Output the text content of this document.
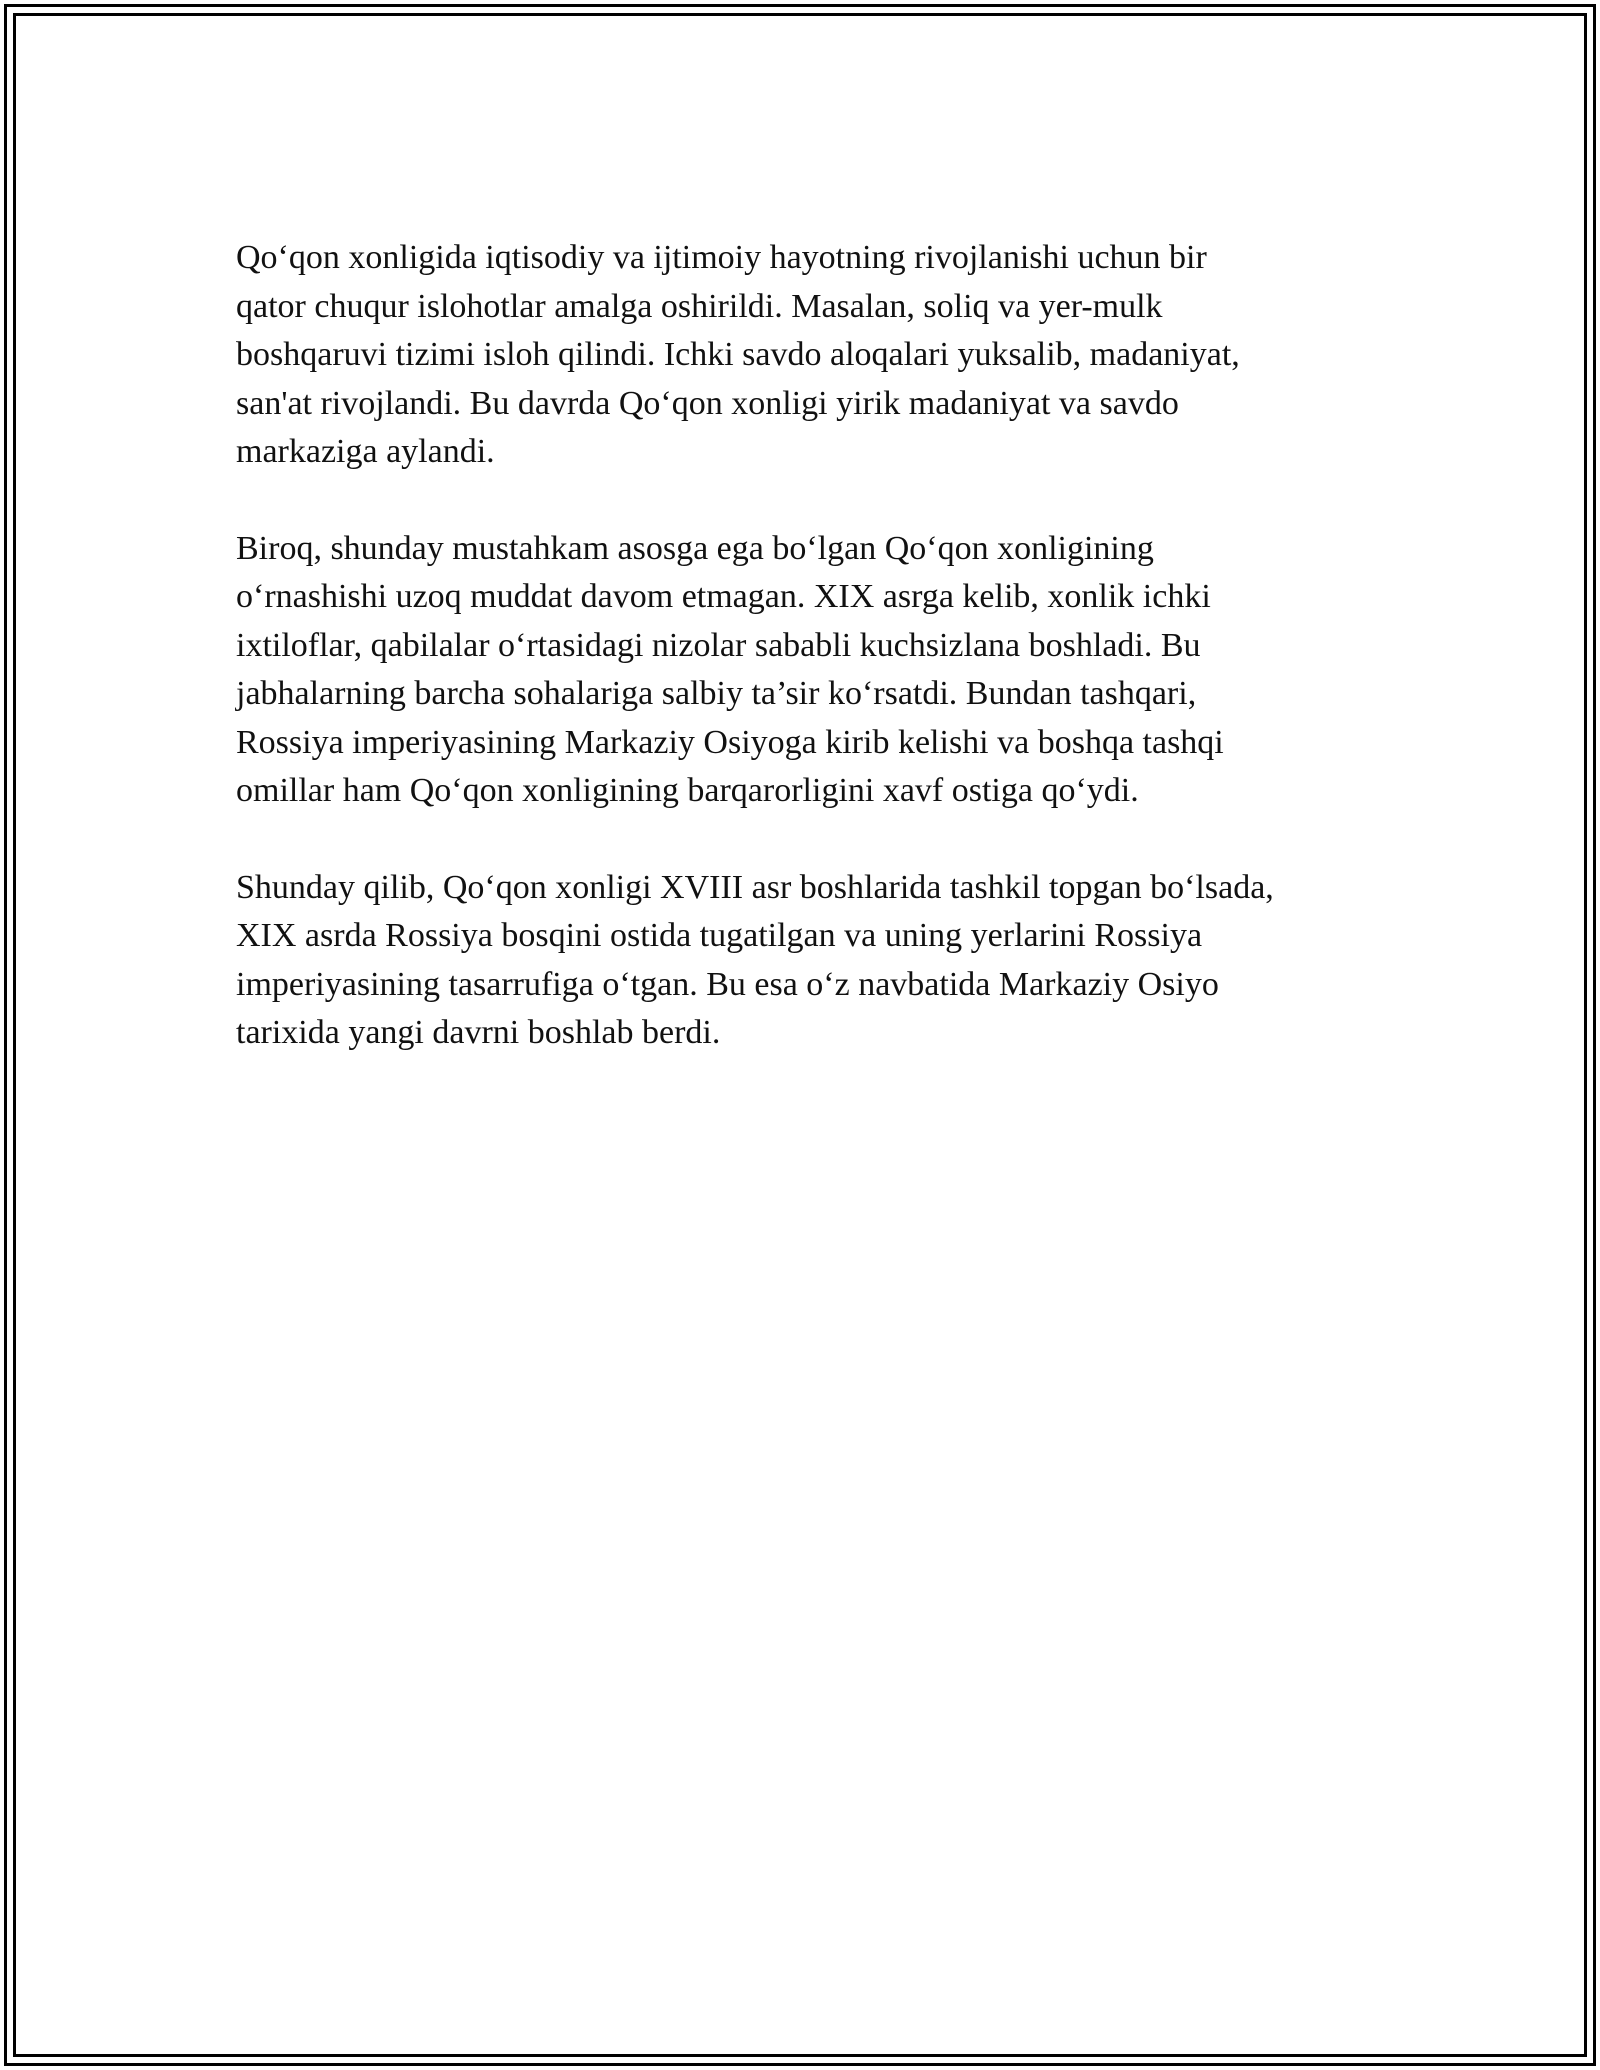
Qo‘qon xonligida iqtisodiy va ijtimoiy hayotning rivojlanishi uchun bir
qator chuqur islohotlar amalga oshirildi. Masalan, soliq va yer-mulk
boshqaruvi tizimi isloh qilindi. Ichki savdo aloqalari yuksalib, madaniyat,
san'at rivojlandi. Bu davrda Qo‘qon xonligi yirik madaniyat va savdo
markaziga aylandi.

Biroq, shunday mustahkam asosga ega bo‘lgan Qo‘qon xonligining
o‘rnashishi uzoq muddat davom etmagan. XIX asrga kelib, xonlik ichki
ixtiloflar, qabilalar o‘rtasidagi nizolar sababli kuchsizlana boshladi. Bu
jabhalarning barcha sohalariga salbiy ta’sir ko‘rsatdi. Bundan tashqari,
Rossiya imperiyasining Markaziy Osiyoga kirib kelishi va boshqa tashqi
omillar ham Qo‘qon xonligining barqarorligini xavf ostiga qo‘ydi.

Shunday qilib, Qo‘qon xonligi XVIII asr boshlarida tashkil topgan bo‘lsada,
XIX asrda Rossiya bosqini ostida tugatilgan va uning yerlarini Rossiya
imperiyasining tasarrufiga o‘tgan. Bu esa o‘z navbatida Markaziy Osiyo
tarixida yangi davrni boshlab berdi.
